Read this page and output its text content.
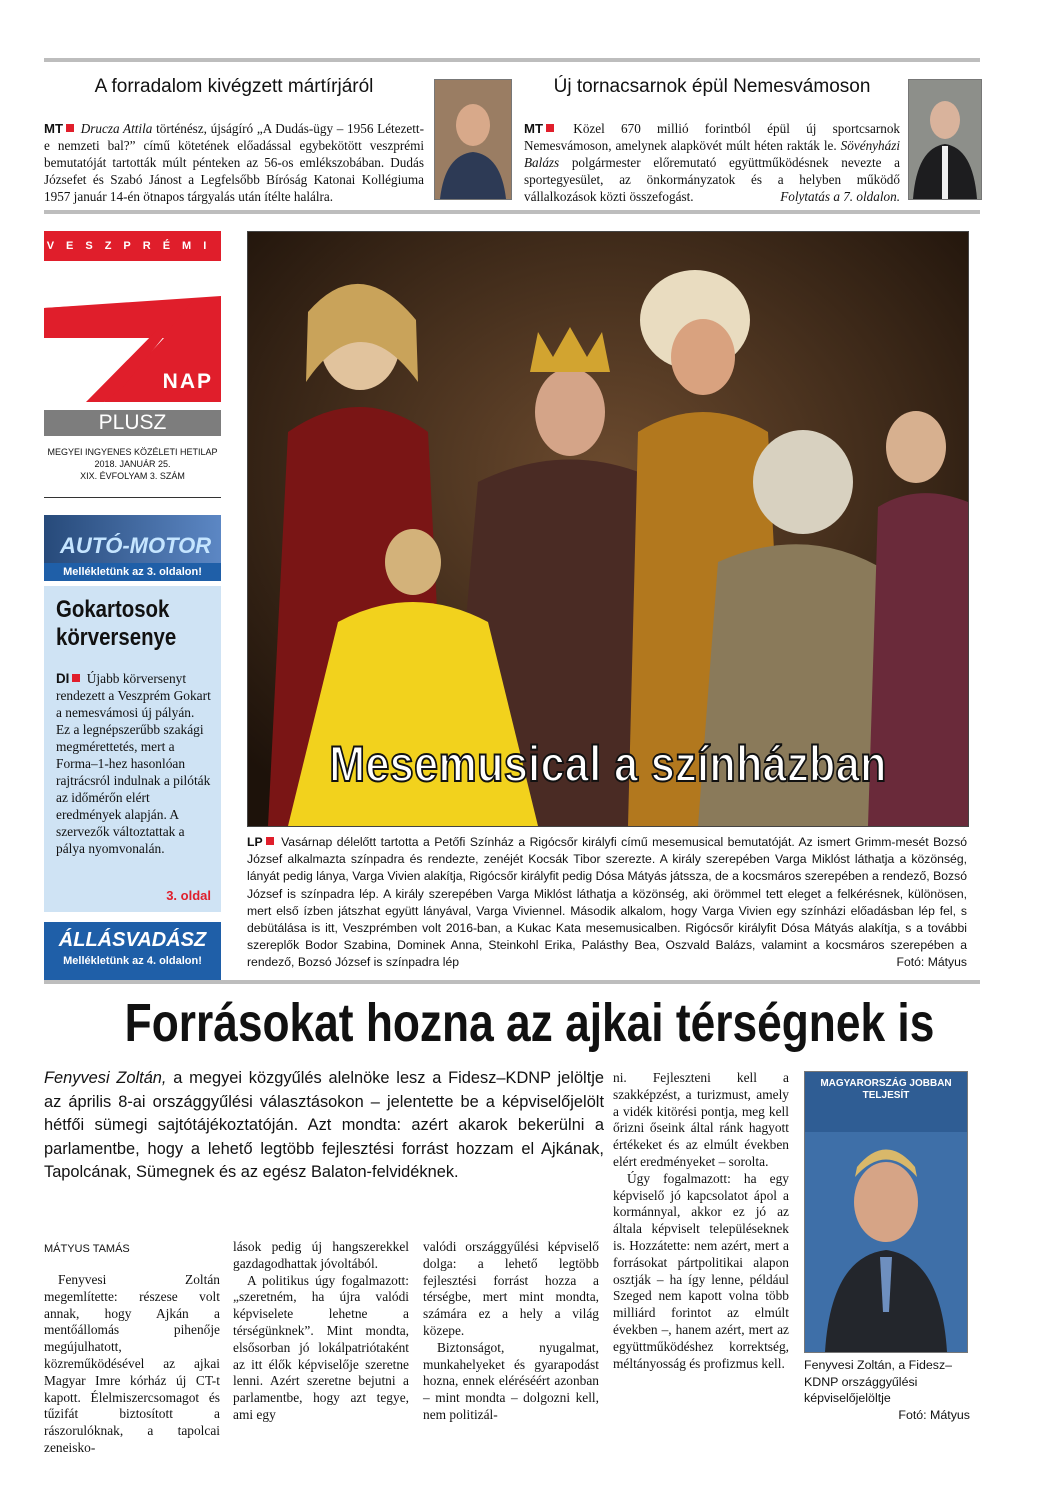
A forradalom kivégzett mártírjáról
MT Drucza Attila történész, újságíró „A Dudás-ügy – 1956 Létezett-e nemzeti bal?” című kötetének előadással egybekötött veszprémi bemutatóját tartották múlt pénteken az 56-os emlékszobában. Dudás Józsefet és Szabó Jánost a Legfelsőbb Bíróság Katonai Kollégiuma 1957 január 14-én ötnapos tárgyalás után ítélte halálra.
Új tornacsarnok épül Nemesvámoson
MT Közel 670 millió forintból épül új sportcsarnok Nemesvámoson, amelynek alapkövét múlt héten rakták le. Sövényházi Balázs polgármester előremutató együttműködésnek nevezte a sportegyesület, az önkormányzatok és a helyben működő vállalkozások közti összefogást.	Folytatás a 7. oldalon.
VESZPRÉMI
NAP
PLUSZ
MEGYEI INGYENES KÖZÉLETI HETILAP
2018. JANUÁR 25.
XIX. ÉVFOLYAM 3. SZÁM
AUTÓ-MOTOR
Mellékletünk az 3. oldalon!
Gokartosok
körversenye
DI Újabb körversenyt rendezett a Veszprém Gokart a nemesvámosi új pályán. Ez a legnépszerűbb szakági megmérettetés, mert a Forma–1-hez hasonlóan rajtrácsról indulnak a pilóták az időmérőn elért eredmények alapján. A szervezők változtattak a pálya nyomvonalán.
3. oldal
ÁLLÁSVADÁSZ
Mellékletünk az 4. oldalon!
Mesemusical a színházban
LP Vasárnap délelőtt tartotta a Petőfi Színház a Rigócsőr királyfi című mesemusical bemutatóját. Az ismert Grimm-mesét Bozsó József alkalmazta színpadra és rendezte, zenéjét Kocsák Tibor szerezte. A király szerepében Varga Miklóst láthatja a közönség, lányát pedig lánya, Varga Vivien alakítja, Rigócsőr királyfit pedig Dósa Mátyás játssza, de a kocsmáros szerepében a rendező, Bozsó József is színpadra lép. A király szerepében Varga Miklóst láthatja a közönség, aki örömmel tett eleget a felkérésnek, különösen, mert első ízben játszhat együtt lányával, Varga Viviennel. Második alkalom, hogy Varga Vivien egy színházi előadásban lép fel, s debütálása is itt, Veszprémben volt 2016-ban, a Kukac Kata mesemusicalben. Rigócsőr királyfit Dósa Mátyás alakítja, s a további szereplők Bodor Szabina, Dominek Anna, Steinkohl Erika, Palásthy Bea, Oszvald Balázs, valamint a kocsmáros szerepében a rendező, Bozsó József is színpadra lép	Fotó: Mátyus
Forrásokat hozna az ajkai térségnek is
Fenyvesi Zoltán, a megyei közgyűlés alelnöke lesz a Fidesz–KDNP jelöltje az április 8-ai országgyűlési választásokon – jelentette be a képviselőjelölt hétfői sümegi sajtótájékoztatóján. Azt mondta: azért akarok bekerülni a parlamentbe, hogy a lehető legtöbb fejlesztési forrást hozzam el Ajkának, Tapolcának, Sümegnek és az egész Balaton-felvidéknek.
MÁTYUS TAMÁS

Fenyvesi Zoltán megemlítette: részese volt annak, hogy Ajkán a mentőállomás pihenője megújulhatott, közreműködésével az ajkai Magyar Imre kórház új CT-t kapott. Élelmiszercsomagot és tűzifát biztosított a rászorulóknak, a tapolcai zeneisko-

lások pedig új hangszerekkel gazdagodhattak jóvoltából.

A politikus úgy fogalmazott: „szeretném, ha újra valódi képviselete lehetne a térségünknek”. Mint mondta, elsősorban jó lokálpatriótaként az itt élők képviselője szeretne lenni. Azért szeretne bejutni a parlamentbe, hogy azt tegye, ami egy

valódi országgyűlési képviselő dolga: a lehető legtöbb fejlesztési forrást hozza a térségbe, mert mint mondta, számára ez a hely a világ közepe.

Biztonságot, nyugalmat, munkahelyeket és gyarapodást hozna, ennek eléréséért azonban – mint mondta – dolgozni kell, nem politizál-

ni. Fejleszteni kell a szakképzést, a turizmust, amely a vidék kitörési pontja, meg kell őrizni őseink által ránk hagyott értékeket és az elmúlt években elért eredményeket – sorolta.

Úgy fogalmazott: ha egy képviselő jó kapcsolatot ápol a kormánnyal, akkor ez jó az általa képviselt településeknek is. Hozzátette: nem azért, mert a forrásokat pártpolitikai alapon osztják – ha így lenne, például Szeged nem kapott volna több milliárd forintot az elmúlt években –, hanem azért, mert az együttműködéshez korrektség, méltányosság és profizmus kell.

MAGYARORSZÁG JOBBAN TELJESÍT
Fenyvesi Zoltán, a Fidesz–KDNP országgyűlési képviselőjelöltje
Fotó: Mátyus
